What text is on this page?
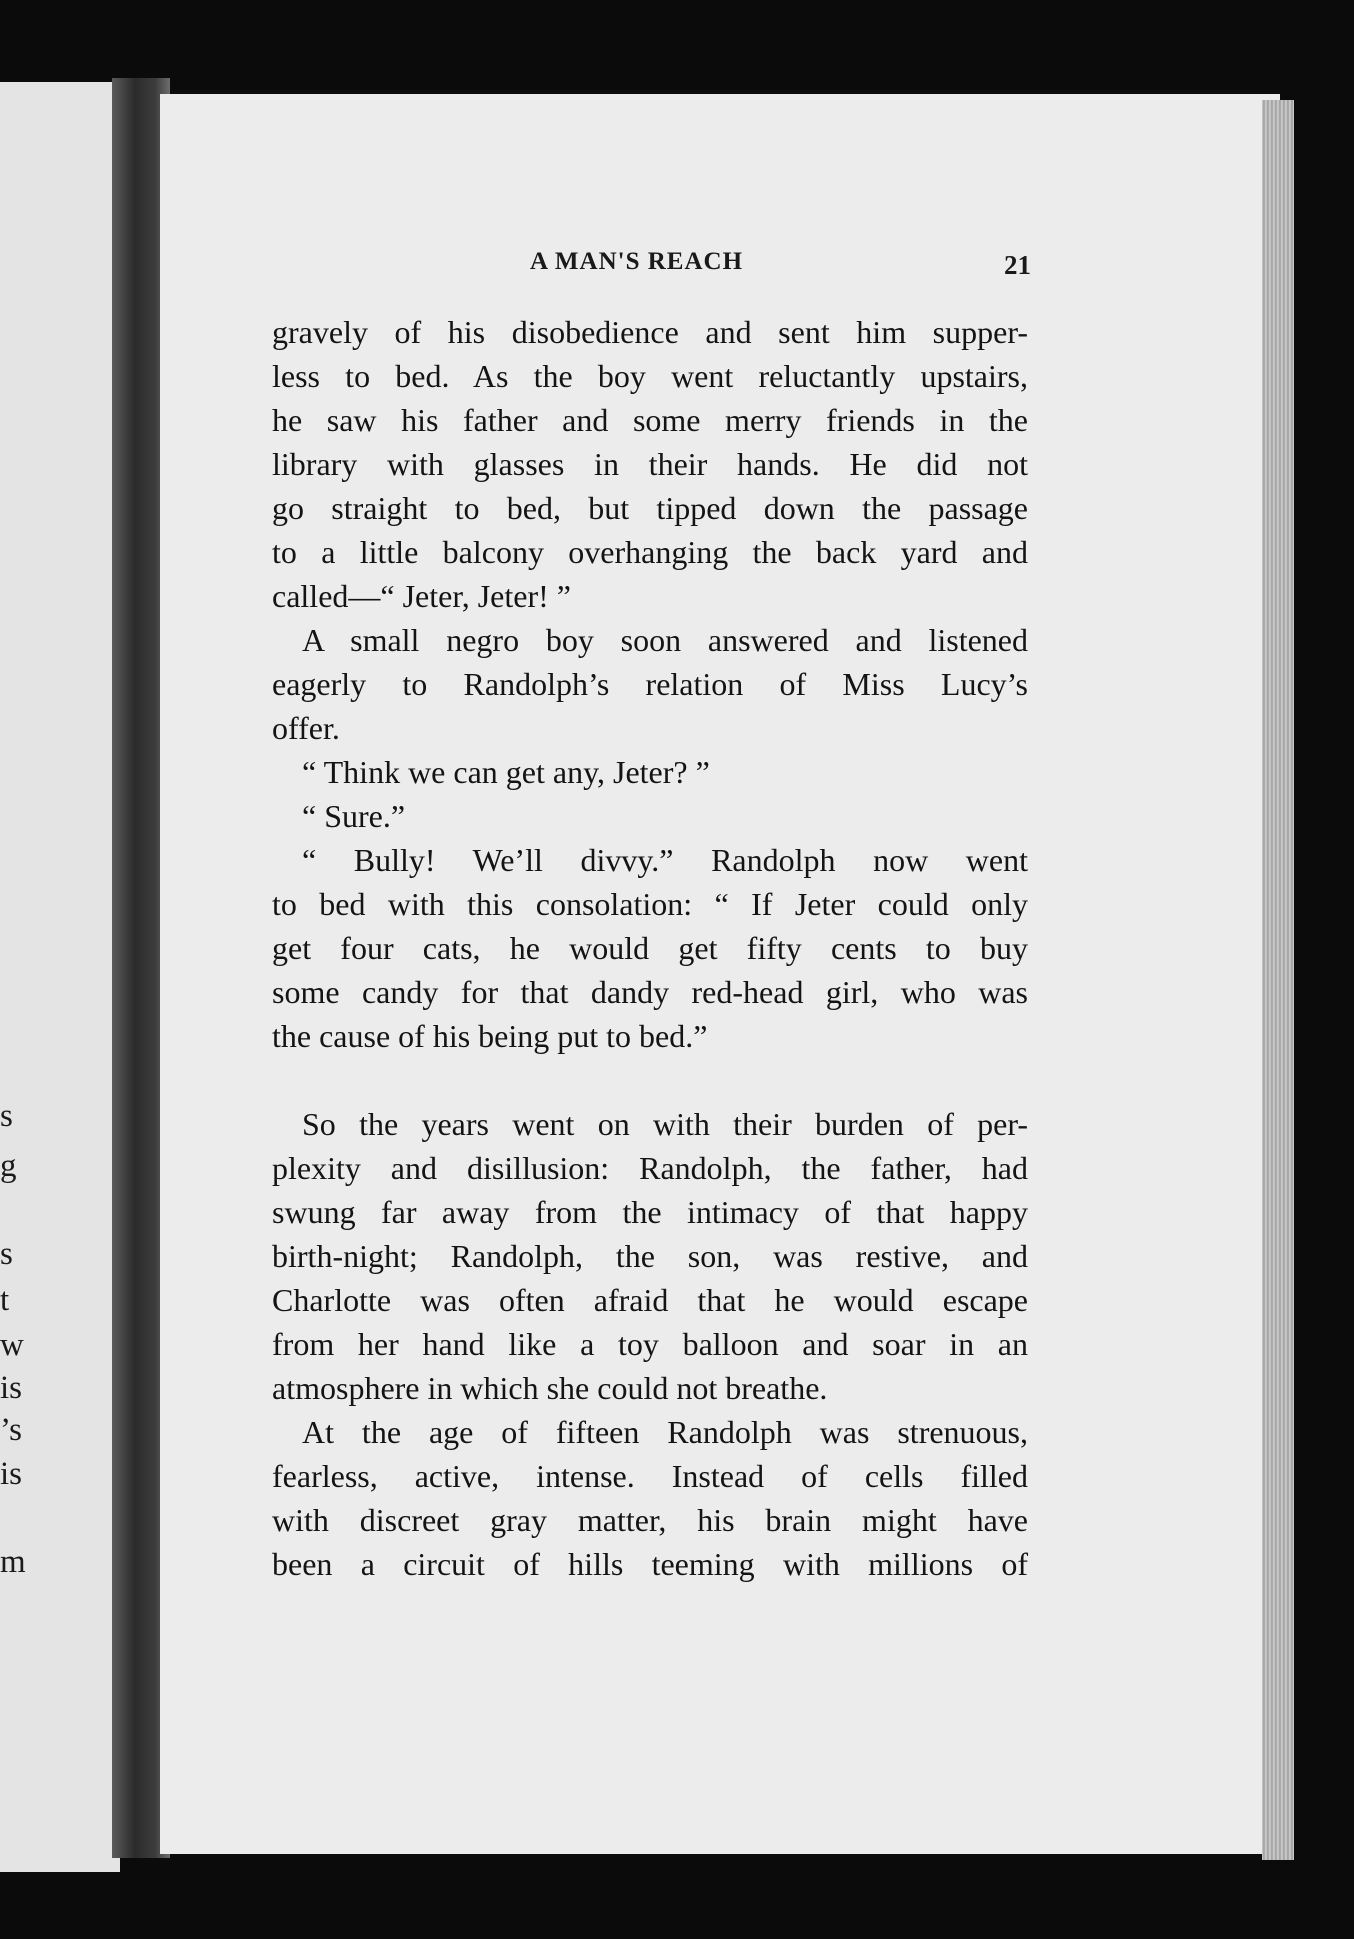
s
g
s
t
w
is
’s
is
m
A MAN'S REACH	21
gravely of his disobedience and sent him supper-
less to bed. As the boy went reluctantly upstairs,
he saw his father and some merry friends in the
library with glasses in their hands. He did not
go straight to bed, but tipped down the passage
to a little balcony overhanging the back yard and
called—“ Jeter, Jeter! ”
A small negro boy soon answered and listened
eagerly to Randolph’s relation of Miss Lucy’s
offer.
“ Think we can get any, Jeter? ”
“ Sure.”
“ Bully! We’ll divvy.” Randolph now went
to bed with this consolation: “ If Jeter could only
get four cats, he would get fifty cents to buy
some candy for that dandy red-head girl, who was
the cause of his being put to bed.”
So the years went on with their burden of per-
plexity and disillusion: Randolph, the father, had
swung far away from the intimacy of that happy
birth-night; Randolph, the son, was restive, and
Charlotte was often afraid that he would escape
from her hand like a toy balloon and soar in an
atmosphere in which she could not breathe.
At the age of fifteen Randolph was strenuous,
fearless, active, intense. Instead of cells filled
with discreet gray matter, his brain might have
been a circuit of hills teeming with millions of
